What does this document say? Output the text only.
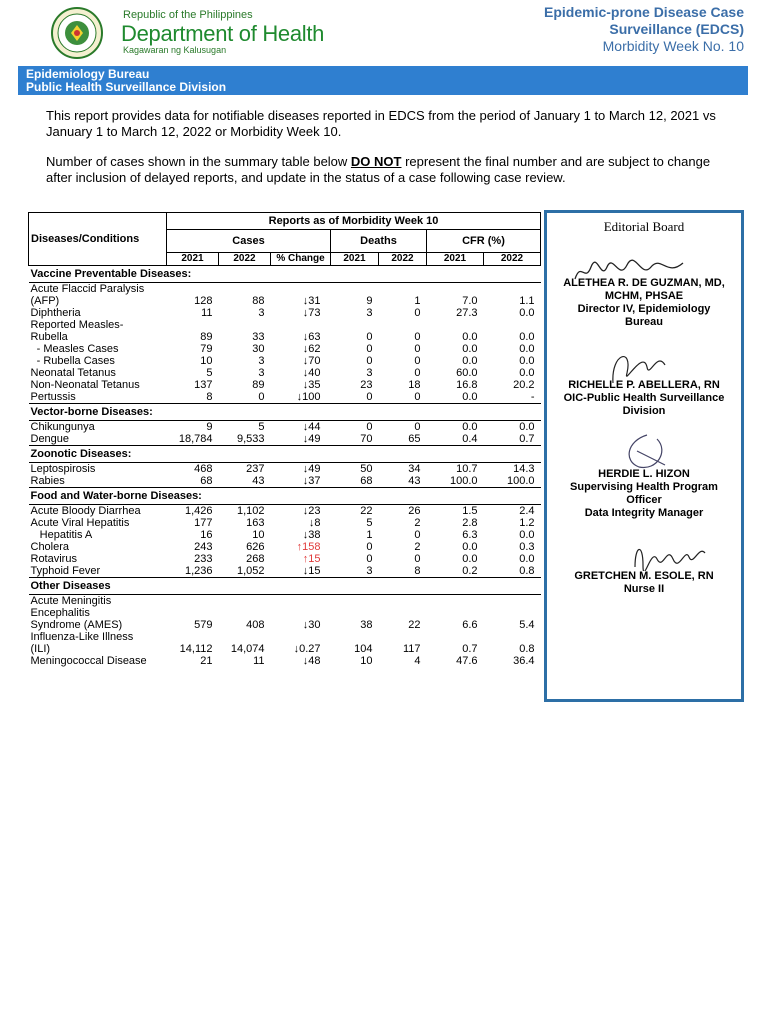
Republic of the Philippines
Department of Health
Kagawaran ng Kalusugan
Epidemic-prone Disease Case
Surveillance (EDCS)
Morbidity Week No. 10
Epidemiology Bureau
Public Health Surveillance Division

This report provides data for notifiable diseases reported in EDCS from the period of January 1 to March 12, 2021 vs January 1 to March 12, 2022 or Morbidity Week 10.

Number of cases shown in the summary table below DO NOT represent the final number and are subject to change after inclusion of delayed reports, and update in the status of a case following case review.

Diseases/Conditions	Reports as of Morbidity Week 10						
	Cases			Deaths		CFR (%)	
	2021	2022	% Change	2021	2022	2021	2022
Vaccine Preventable Diseases:							

Acute Flaccid Paralysis
(AFP)	128	88	↓31	9	1	7.0	1.1

Diphtheria	11	3	↓73	3	0	27.3	0.0

Reported Measles-
Rubella	89	33	↓63	0	0	0.0	0.0

- Measles Cases	79	30	↓62	0	0	0.0	0.0

- Rubella Cases	10	3	↓70	0	0	0.0	0.0

Neonatal Tetanus	5	3	↓40	3	0	60.0	0.0

Non-Neonatal Tetanus	137	89	↓35	23	18	16.8	20.2

Pertussis	8	0	↓100	0	0	0.0	-
Vector-borne Diseases:							

Chikungunya	9	5	↓44	0	0	0.0	0.0

Dengue	18,784	9,533	↓49	70	65	0.4	0.7
Zoonotic Diseases:							

Leptospirosis	468	237	↓49	50	34	10.7	14.3

Rabies	68	43	↓37	68	43	100.0	100.0
Food and Water-borne Diseases:							

Acute Bloody Diarrhea	1,426	1,102	↓23	22	26	1.5	2.4

Acute Viral Hepatitis	177	163	↓8	5	2	2.8	1.2

Hepatitis A	16	10	↓38	1	0	6.3	0.0

Cholera	243	626	↑158	0	2	0.0	0.3

Rotavirus	233	268	↑15	0	0	0.0	0.0

Typhoid Fever	1,236	1,052	↓15	3	8	0.2	0.8
Other Diseases							

Acute Meningitis
Encephalitis
Syndrome (AMES)	579	408	↓30	38	22	6.6	5.4

Influenza-Like Illness
(ILI)	14,112	14,074	↓0.27	104	117	0.7	0.8

Meningococcal Disease	21	11	↓48	10	4	47.6	36.4
Editorial Board
ALETHEA R. DE GUZMAN, MD,
MCHM, PHSAE
Director IV, Epidemiology
Bureau
RICHELLE P. ABELLERA, RN
OIC-Public Health Surveillance
Division
HERDIE L. HIZON
Supervising Health Program
Officer
Data Integrity Manager
GRETCHEN M. ESOLE, RN
Nurse II
